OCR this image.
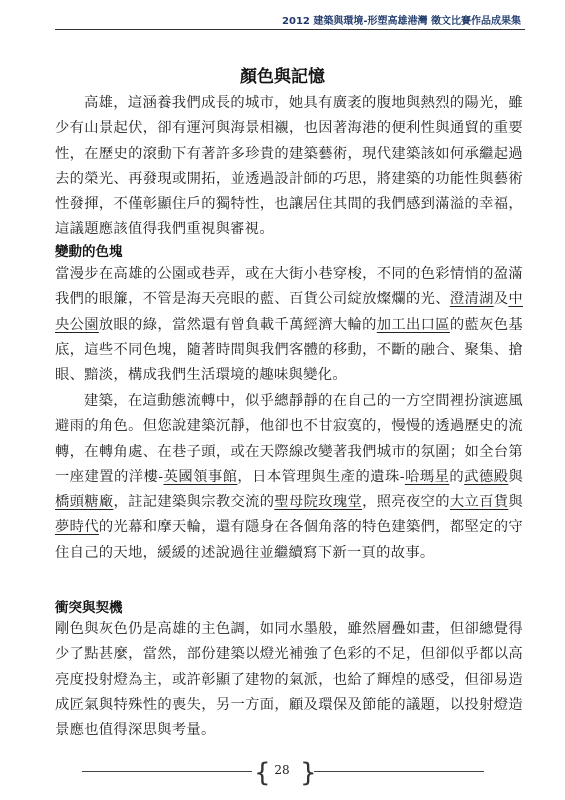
2012 建築與環境-形塑高雄港灣 徵文比賽作品成果集
顏色與記憶

高雄，這涵養我們成長的城市，她具有廣袤的腹地與熱烈的陽光，雖少有山景起伏，卻有運河與海景相襯，也因著海港的便利性與通貿的重要性，在歷史的滾動下有著許多珍貴的建築藝術，現代建築該如何承繼起過去的榮光、再發現或開拓，並透過設計師的巧思，將建築的功能性與藝術性發揮，不僅彰顯住戶的獨特性，也讓居住其間的我們感到滿溢的幸福，這議題應該值得我們重視與審視。

變動的色塊

當漫步在高雄的公園或巷弄，或在大街小巷穿梭，不同的色彩情悄的盈滿我們的眼簾，不管是海天亮眼的藍、百貨公司綻放燦爛的光、澄清湖及中央公園放眼的綠，當然還有曾負載千萬經濟大輪的加工出口區的藍灰色基底，這些不同色塊，隨著時間與我們客體的移動，不斷的融合、聚集、搶眼、黯淡，構成我們生活環境的趣味與變化。

建築，在這動態流轉中，似乎總靜靜的在自己的一方空間裡扮演遮風避雨的角色。但您說建築沉靜，他卻也不甘寂寞的，慢慢的透過歷史的流轉，在轉角處、在巷子頭，或在天際線改變著我們城市的氛圍；如全台第一座建置的洋樓-英國領事館，日本管理與生產的遺珠-哈瑪星的武德殿與橋頭糖廠，註記建築與宗教交流的聖母院玫瑰堂，照亮夜空的大立百貨與夢時代的光幕和摩天輪，還有隱身在各個角落的特色建築們，都堅定的守住自己的天地，緩緩的述說過往並繼續寫下新一頁的故事。

衝突與契機

剛色與灰色仍是高雄的主色調，如同水墨般，雖然層疊如畫，但卻總覺得少了點甚麼，當然，部份建築以燈光補強了色彩的不足，但卻似乎都以高亮度投射燈為主，或許彰顯了建物的氣派，也給了輝煌的感受，但卻易造成匠氣與特殊性的喪失，另一方面，顧及環保及節能的議題，以投射燈造景應也值得深思與考量。

{ 28 }
